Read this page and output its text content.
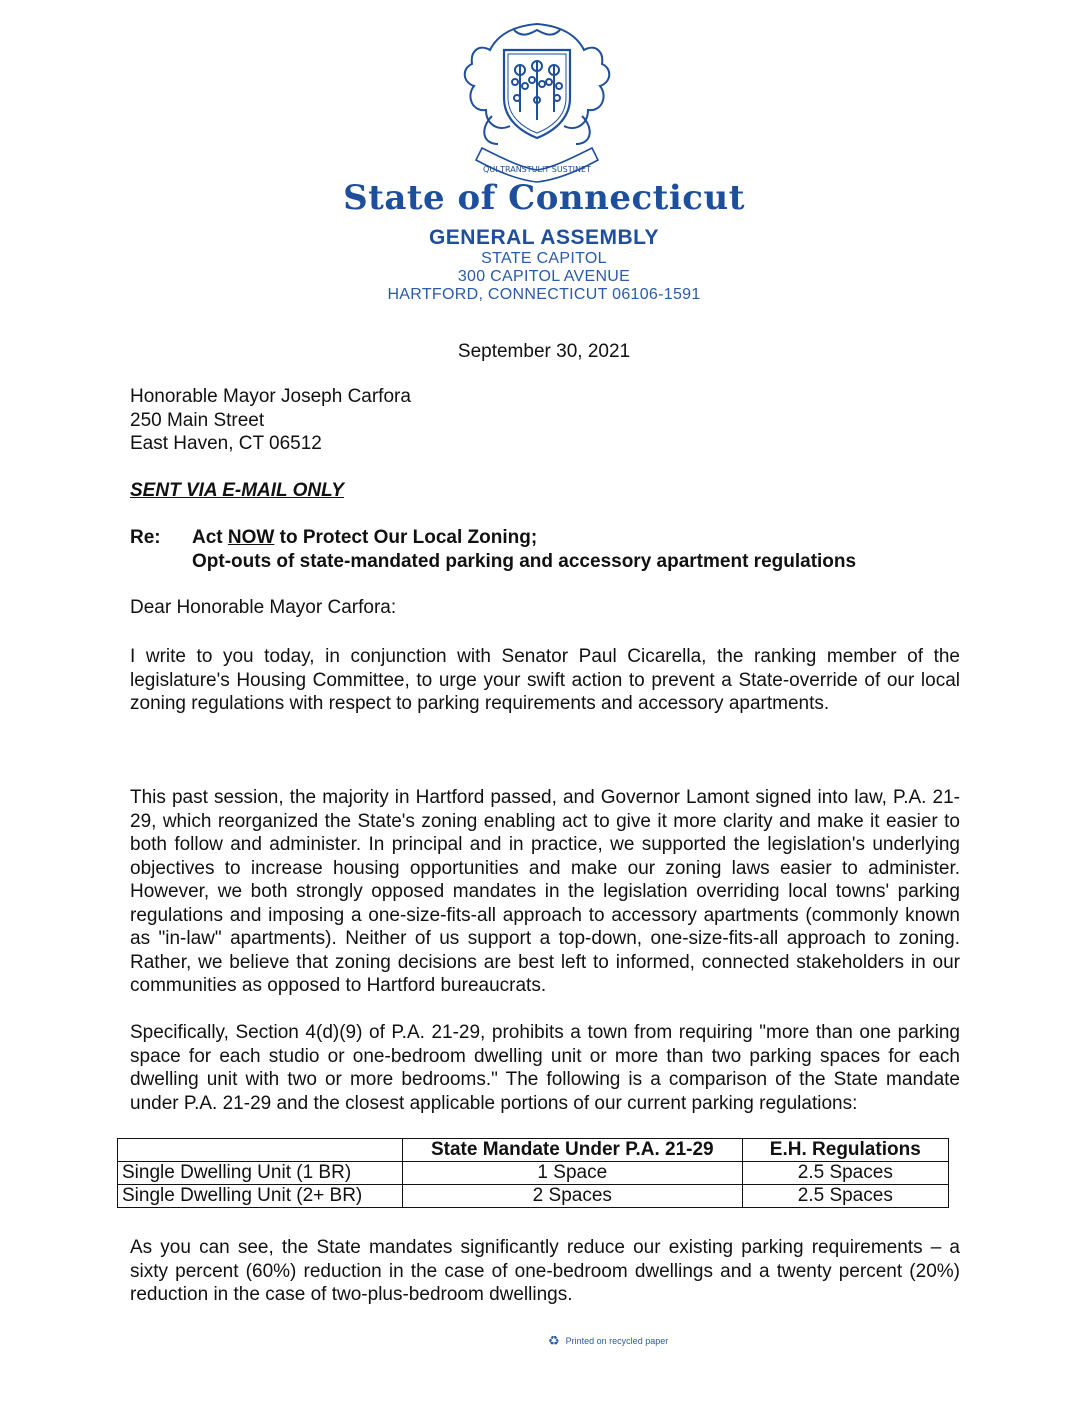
QUI TRANSTULIT SUSTINET
State of Connecticut
GENERAL ASSEMBLY
STATE CAPITOL
300 CAPITOL AVENUE
HARTFORD, CONNECTICUT 06106-1591
September 30, 2021
Honorable Mayor Joseph Carfora
250 Main Street
East Haven, CT 06512
SENT VIA E-MAIL ONLY
Re: Act NOW to Protect Our Local Zoning;
Opt-outs of state-mandated parking and accessory apartment regulations
Dear Honorable Mayor Carfora:
I write to you today, in conjunction with Senator Paul Cicarella, the ranking member of the legislature's Housing Committee, to urge your swift action to prevent a State-override of our local zoning regulations with respect to parking requirements and accessory apartments.
This past session, the majority in Hartford passed, and Governor Lamont signed into law, P.A. 21-29, which reorganized the State's zoning enabling act to give it more clarity and make it easier to both follow and administer. In principal and in practice, we supported the legislation's underlying objectives to increase housing opportunities and make our zoning laws easier to administer. However, we both strongly opposed mandates in the legislation overriding local towns' parking regulations and imposing a one-size-fits-all approach to accessory apartments (commonly known as "in-law" apartments). Neither of us support a top-down, one-size-fits-all approach to zoning. Rather, we believe that zoning decisions are best left to informed, connected stakeholders in our communities as opposed to Hartford bureaucrats.
Specifically, Section 4(d)(9) of P.A. 21-29, prohibits a town from requiring "more than one parking space for each studio or one-bedroom dwelling unit or more than two parking spaces for each dwelling unit with two or more bedrooms." The following is a comparison of the State mandate under P.A. 21-29 and the closest applicable portions of our current parking regulations:
	State Mandate Under P.A. 21-29	E.H. Regulations
Single Dwelling Unit (1 BR)	1 Space	2.5 Spaces
Single Dwelling Unit (2+ BR)	2 Spaces	2.5 Spaces
As you can see, the State mandates significantly reduce our existing parking requirements – a sixty percent (60%) reduction in the case of one-bedroom dwellings and a twenty percent (20%) reduction in the case of two-plus-bedroom dwellings.
♻ Printed on recycled paper
